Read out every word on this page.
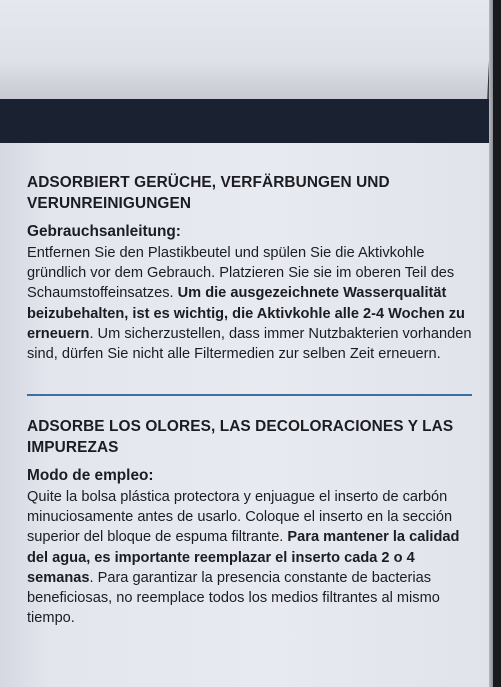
ADSORBIERT GERÜCHE, VERFÄRBUNGEN UND VERUNREINIGUNGEN

Gebrauchsanleitung:

Entfernen Sie den Plastikbeutel und spülen Sie die Aktivkohle gründlich vor dem Gebrauch. Platzieren Sie sie im oberen Teil des Schaumstoffeinsatzes. Um die ausgezeichnete Wasserqualität beizubehalten, ist es wichtig, die Aktivkohle alle 2-4 Wochen zu erneuern. Um sicherzustellen, dass immer Nutzbakterien vorhanden sind, dürfen Sie nicht alle Filtermedien zur selben Zeit erneuern.

ADSORBE LOS OLORES, LAS DECOLORACIONES Y LAS IMPUREZAS

Modo de empleo:

Quite la bolsa plástica protectora y enjuague el inserto de carbón minuciosamente antes de usarlo. Coloque el inserto en la sección superior del bloque de espuma filtrante. Para mantener la calidad del agua, es importante reemplazar el inserto cada 2 o 4 semanas. Para garantizar la presencia constante de bacterias beneficiosas, no reemplace todos los medios filtrantes al mismo tiempo.
